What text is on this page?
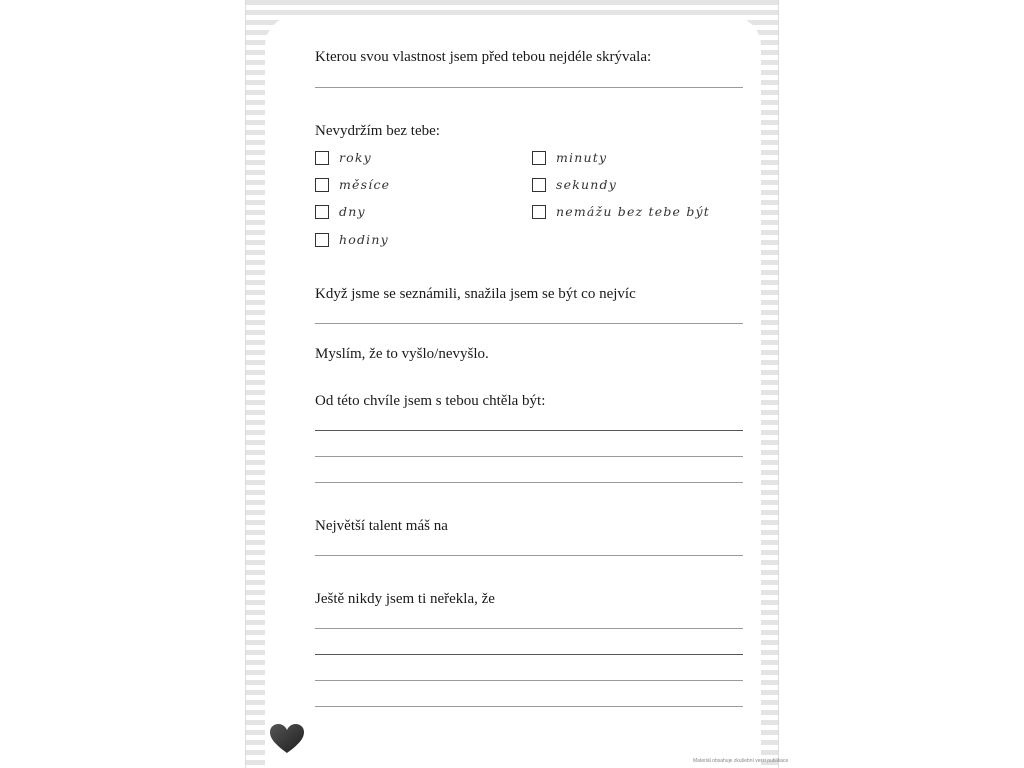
Kterou svou vlastnost jsem před tebou nejdéle skrývala:

Nevydržím bez tebe:

roky
měsíce
dny
hodiny
minuty
sekundy
nemážu bez tebe být

Když jsme se seznámili, snažila jsem se být co nejvíc

Myslím, že to vyšlo/nevyšlo.

Od této chvíle jsem s tebou chtěla být:

Největší talent máš na

Ještě nikdy jsem ti neřekla, že

Materiál obsahuje zkušební verzi publikace
